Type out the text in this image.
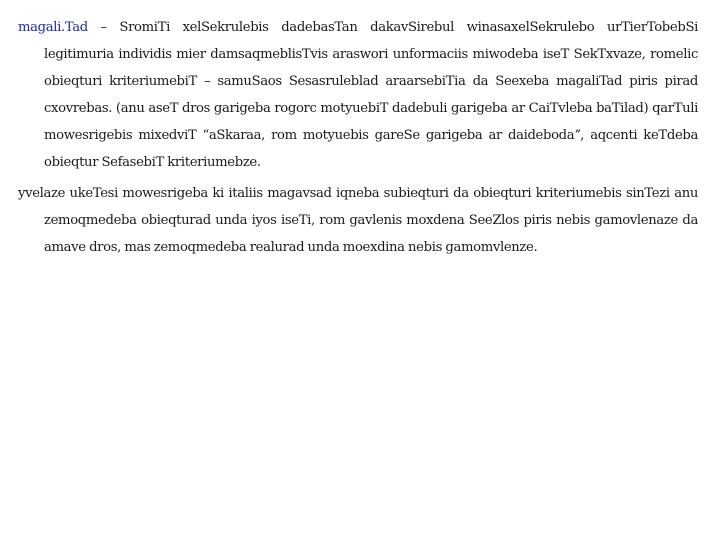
magali.Tad – SromiTi xelSekrulebis dadebasTan dakavSirebul winasaxelSekrulebo urTierTobebSi legitimuria individis mier damsaqmeblisTvis araswori unformaciis miwodeba iseT SekTxvaze, romelic obieqturi kriteriumebiT – samuSaos Sesasruleblad araarsebiTia da Seexeba magaliTad piris pirad cxovrebas. (anu aseT dros garigeba rogorc motyuebiT dadebuli garigeba ar CaiTvleba baTilad) qarTuli mowesrigebis mixedviT “aSkaraa, rom motyuebis gareSe garigeba ar daidebodaˮ, aqcenti keTdeba obieqtur SefasebiT kriteriumebze.

yvelaze ukeTesi mowesrigeba ki italiis magavsad iqneba subieqturi da obieqturi kriteriumebis sinTezi anu zemoqmedeba obieqturad unda iyos iseTi, rom gavlenis moxdena SeeZlos piris nebis gamovlenaze da amave dros, mas zemoqmedeba realurad unda moexdina nebis gamomvlenze.
